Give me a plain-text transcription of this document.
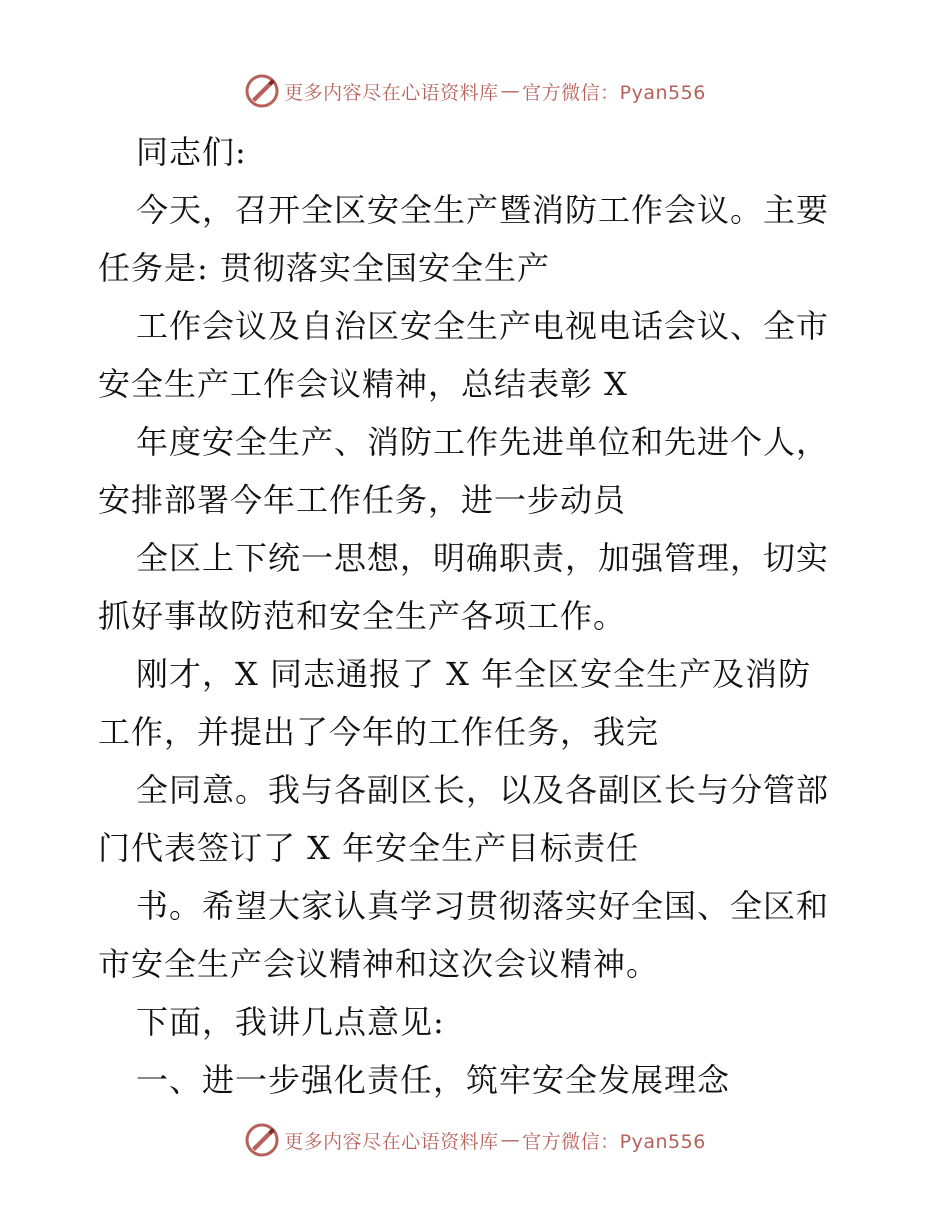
更多内容尽在心语资料库 — 官方微信：Pyan556
同志们:
今天，召开全区安全生产暨消防工作会议。主要
任务是: 贯彻落实全国安全生产
工作会议及自治区安全生产电视电话会议、全市
安全生产工作会议精神，总结表彰 X
年度安全生产、消防工作先进单位和先进个人，
安排部署今年工作任务，进一步动员
全区上下统一思想，明确职责，加强管理，切实
抓好事故防范和安全生产各项工作。
刚才，X 同志通报了 X 年全区安全生产及消防
工作，并提出了今年的工作任务，我完
全同意。我与各副区长，以及各副区长与分管部
门代表签订了 X 年安全生产目标责任
书。希望大家认真学习贯彻落实好全国、全区和
市安全生产会议精神和这次会议精神。
下面，我讲几点意见:
一、进一步强化责任，筑牢安全发展理念
更多内容尽在心语资料库 — 官方微信：Pyan556
